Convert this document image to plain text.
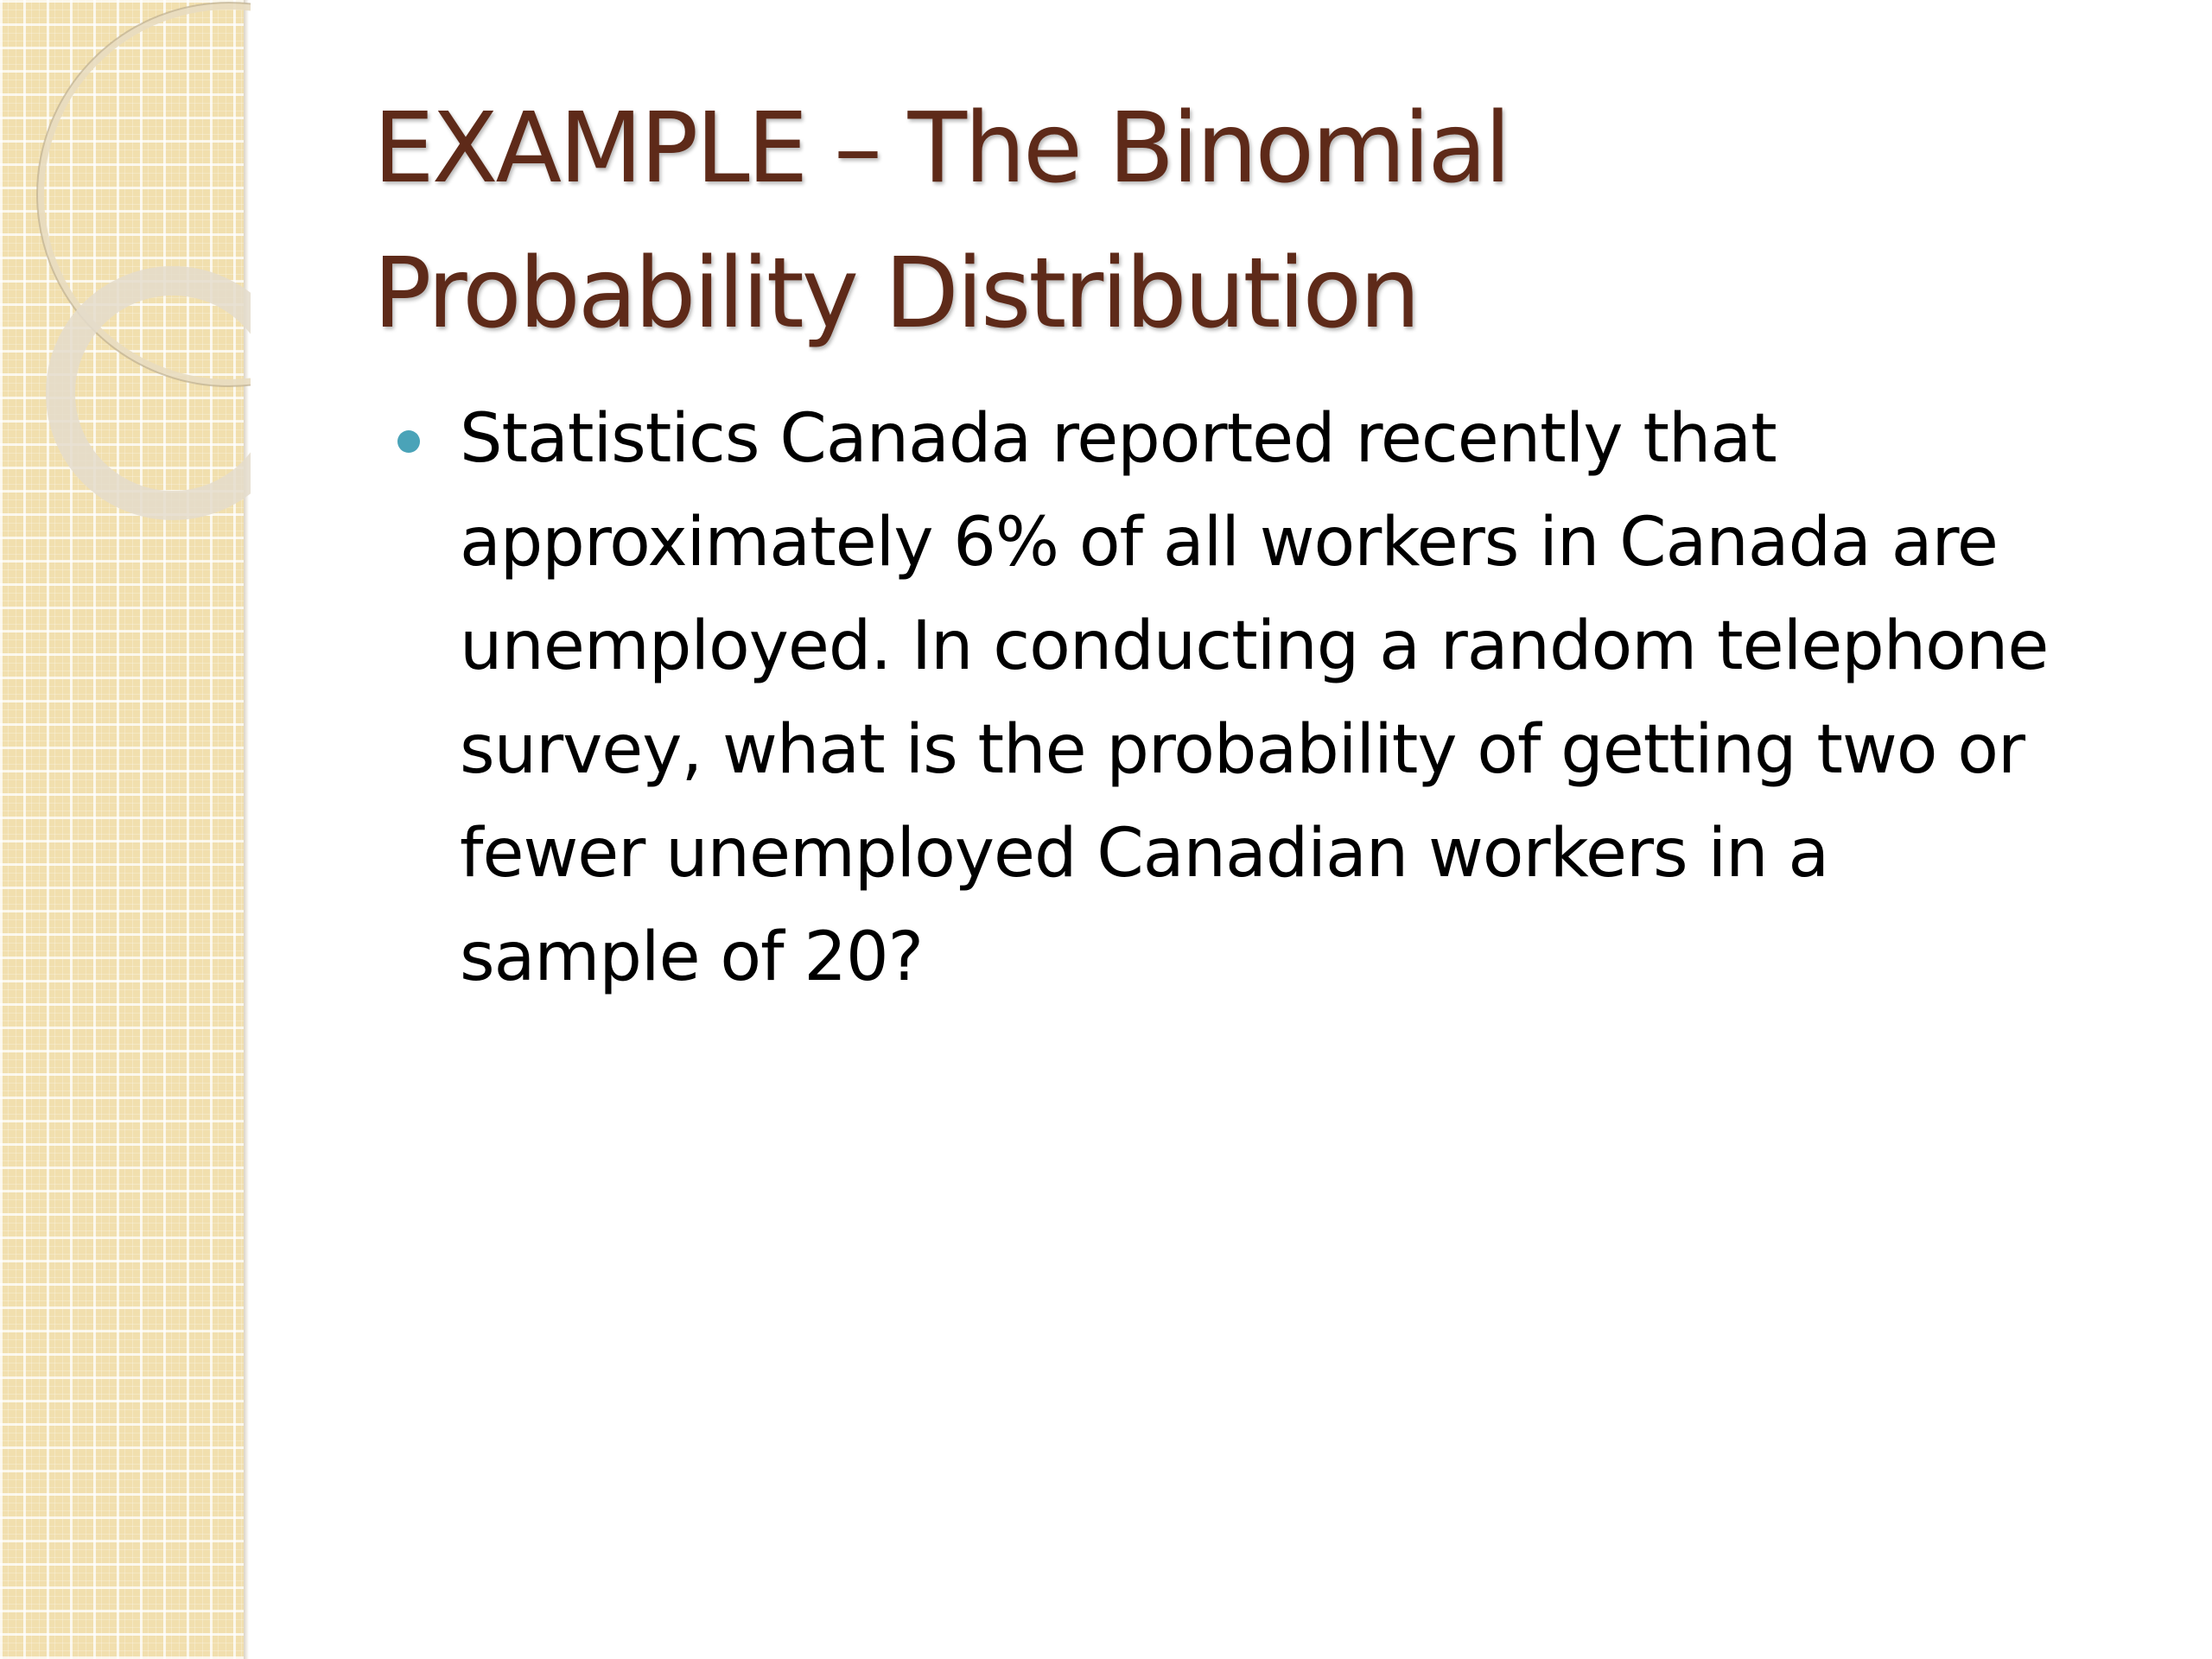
EXAMPLE – The Binomial
Probability Distribution
Statistics Canada reported recently that approximately 6% of all workers in Canada are unemployed. In conducting a random telephone survey, what is the probability of getting two or fewer unemployed Canadian workers in a sample of 20?
